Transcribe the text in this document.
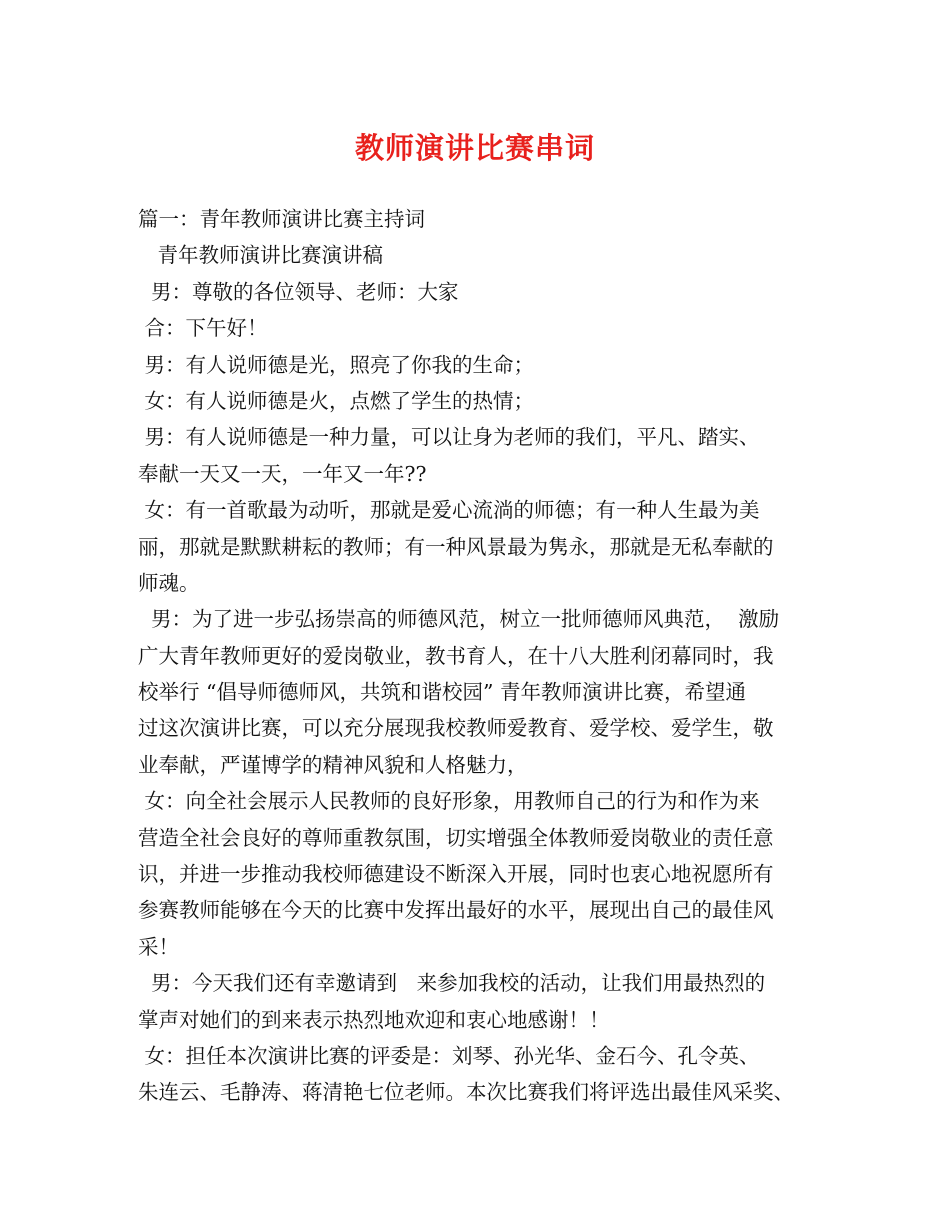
教师演讲比赛串词
篇一：青年教师演讲比赛主持词
青年教师演讲比赛演讲稿
男：尊敬的各位领导、老师：大家
合：下午好！
男：有人说师德是光，照亮了你我的生命；
女：有人说师德是火，点燃了学生的热情；
男：有人说师德是一种力量，可以让身为老师的我们，平凡、踏实、
奉献一天又一天，一年又一年??
女：有一首歌最为动听，那就是爱心流淌的师德；有一种人生最为美
丽，那就是默默耕耘的教师；有一种风景最为隽永，那就是无私奉献的
师魂。
男：为了进一步弘扬崇高的师德风范，树立一批师德师风典范，  激励
广大青年教师更好的爱岗敬业，教书育人，在十八大胜利闭幕同时，我
校举行 “倡导师德师风，共筑和谐校园” 青年教师演讲比赛，希望通
过这次演讲比赛，可以充分展现我校教师爱教育、爱学校、爱学生，敬
业奉献，严谨博学的精神风貌和人格魅力，
女：向全社会展示人民教师的良好形象，用教师自己的行为和作为来
营造全社会良好的尊师重教氛围，切实增强全体教师爱岗敬业的责任意
识，并进一步推动我校师德建设不断深入开展，同时也衷心地祝愿所有
参赛教师能够在今天的比赛中发挥出最好的水平，展现出自己的最佳风
采！
男：今天我们还有幸邀请到   来参加我校的活动，让我们用最热烈的
掌声对她们的到来表示热烈地欢迎和衷心地感谢！！
女：担任本次演讲比赛的评委是：刘琴、孙光华、金石今、孔令英、
朱连云、毛静涛、蒋清艳七位老师。本次比赛我们将评选出最佳风采奖、
